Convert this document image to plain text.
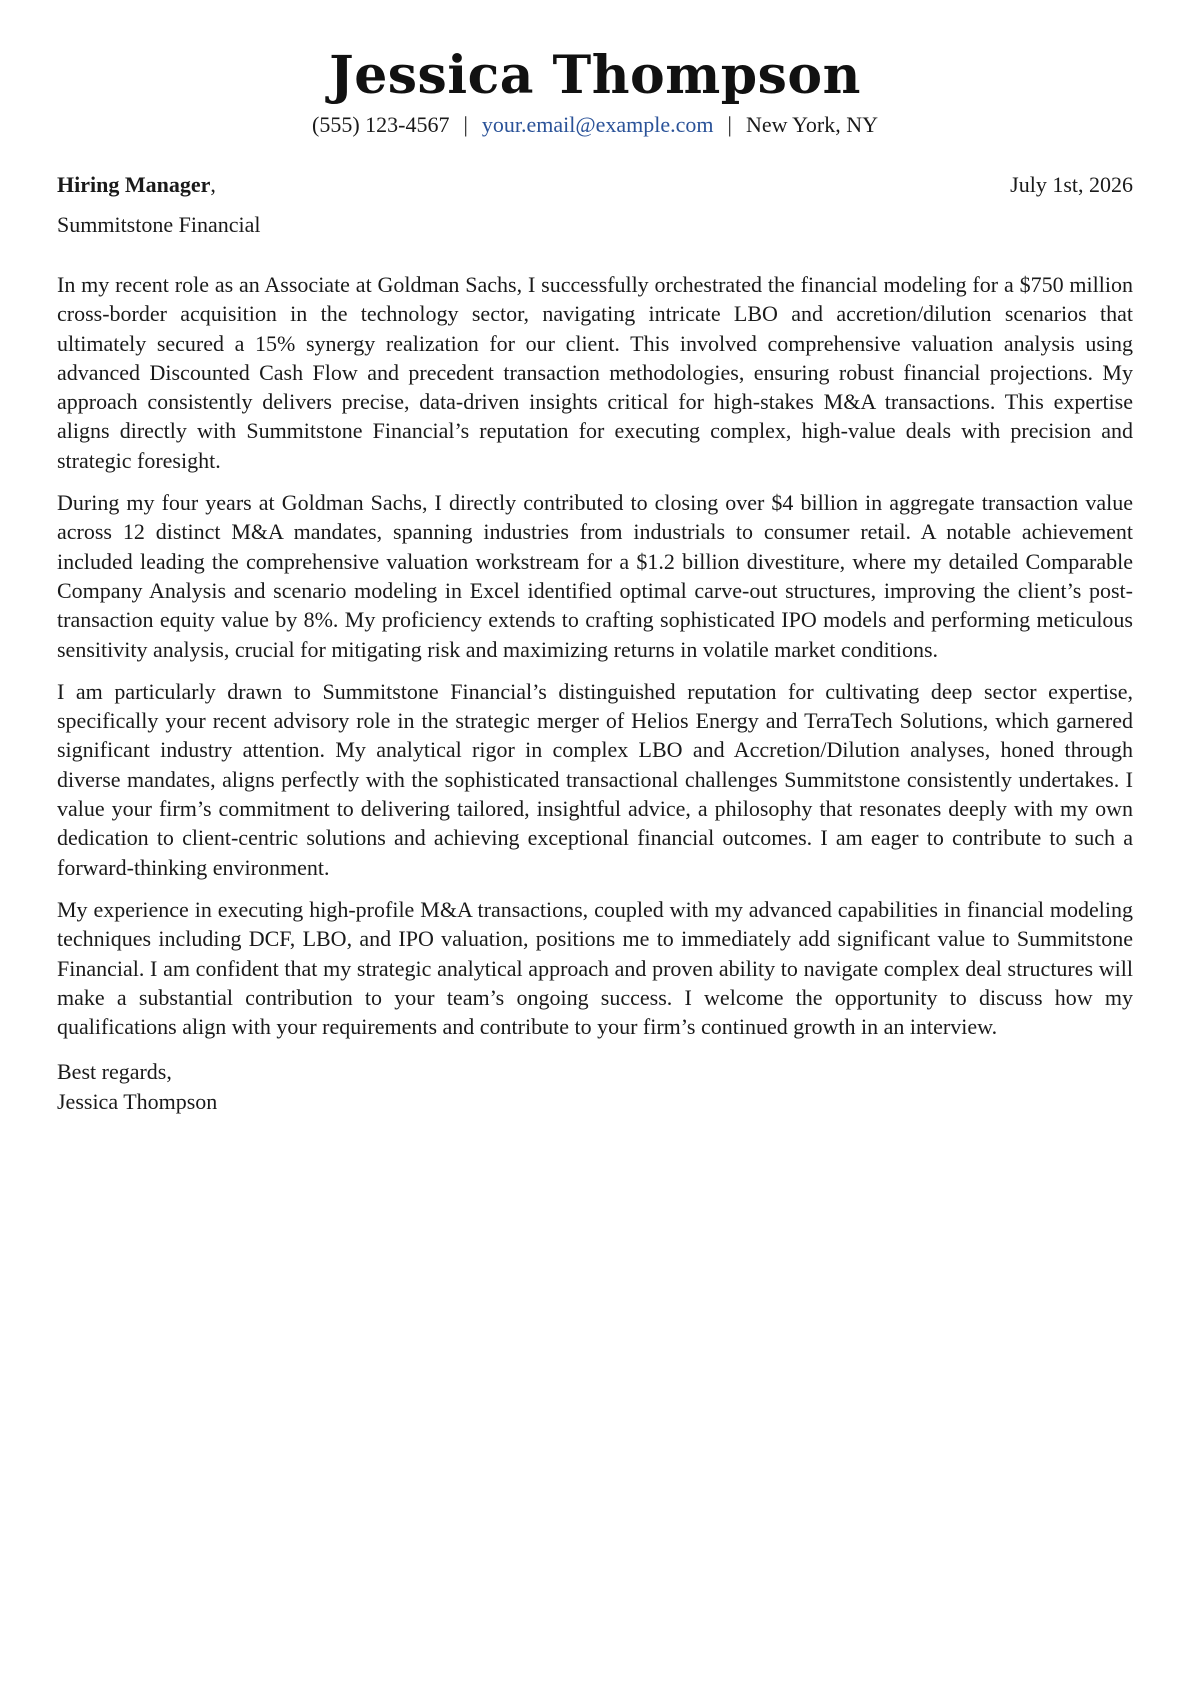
Jessica Thompson
(555) 123-4567 | your.email@example.com | New York, NY
Hiring Manager,	July 1st, 2026
Summitstone Financial

In my recent role as an Associate at Goldman Sachs, I successfully orchestrated the financial modeling for a $750 million cross-border acquisition in the technology sector, navigating intricate LBO and accretion/dilution scenarios that ultimately secured a 15% synergy realization for our client. This involved comprehensive valuation analysis using advanced Discounted Cash Flow and precedent transaction methodologies, ensuring robust financial projections. My approach consistently delivers precise, data-driven insights critical for high-stakes M&A transactions. This expertise aligns directly with Summitstone Financial’s reputation for executing complex, high-value deals with precision and strategic foresight.

During my four years at Goldman Sachs, I directly contributed to closing over $4 billion in aggregate transaction value across 12 distinct M&A mandates, spanning industries from industrials to consumer retail. A notable achievement included leading the comprehensive valuation workstream for a $1.2 billion divestiture, where my detailed Comparable Company Analysis and scenario modeling in Excel identified optimal carve-out structures, improving the client’s post-transaction equity value by 8%. My proficiency extends to crafting sophisticated IPO models and performing meticulous sensitivity analysis, crucial for mitigating risk and maximizing returns in volatile market conditions.

I am particularly drawn to Summitstone Financial’s distinguished reputation for cultivating deep sector expertise, specifically your recent advisory role in the strategic merger of Helios Energy and TerraTech Solutions, which garnered significant industry attention. My analytical rigor in complex LBO and Accretion/Dilution analyses, honed through diverse mandates, aligns perfectly with the sophisticated transactional challenges Summitstone consistently undertakes. I value your firm’s commitment to delivering tailored, insightful advice, a philosophy that resonates deeply with my own dedication to client-centric solutions and achieving exceptional financial outcomes. I am eager to contribute to such a forward-thinking environment.

My experience in executing high-profile M&A transactions, coupled with my advanced capabilities in financial modeling techniques including DCF, LBO, and IPO valuation, positions me to immediately add significant value to Summitstone Financial. I am confident that my strategic analytical approach and proven ability to navigate complex deal structures will make a substantial contribution to your team’s ongoing success. I welcome the opportunity to discuss how my qualifications align with your requirements and contribute to your firm’s continued growth in an interview.

Best regards,
Jessica Thompson
